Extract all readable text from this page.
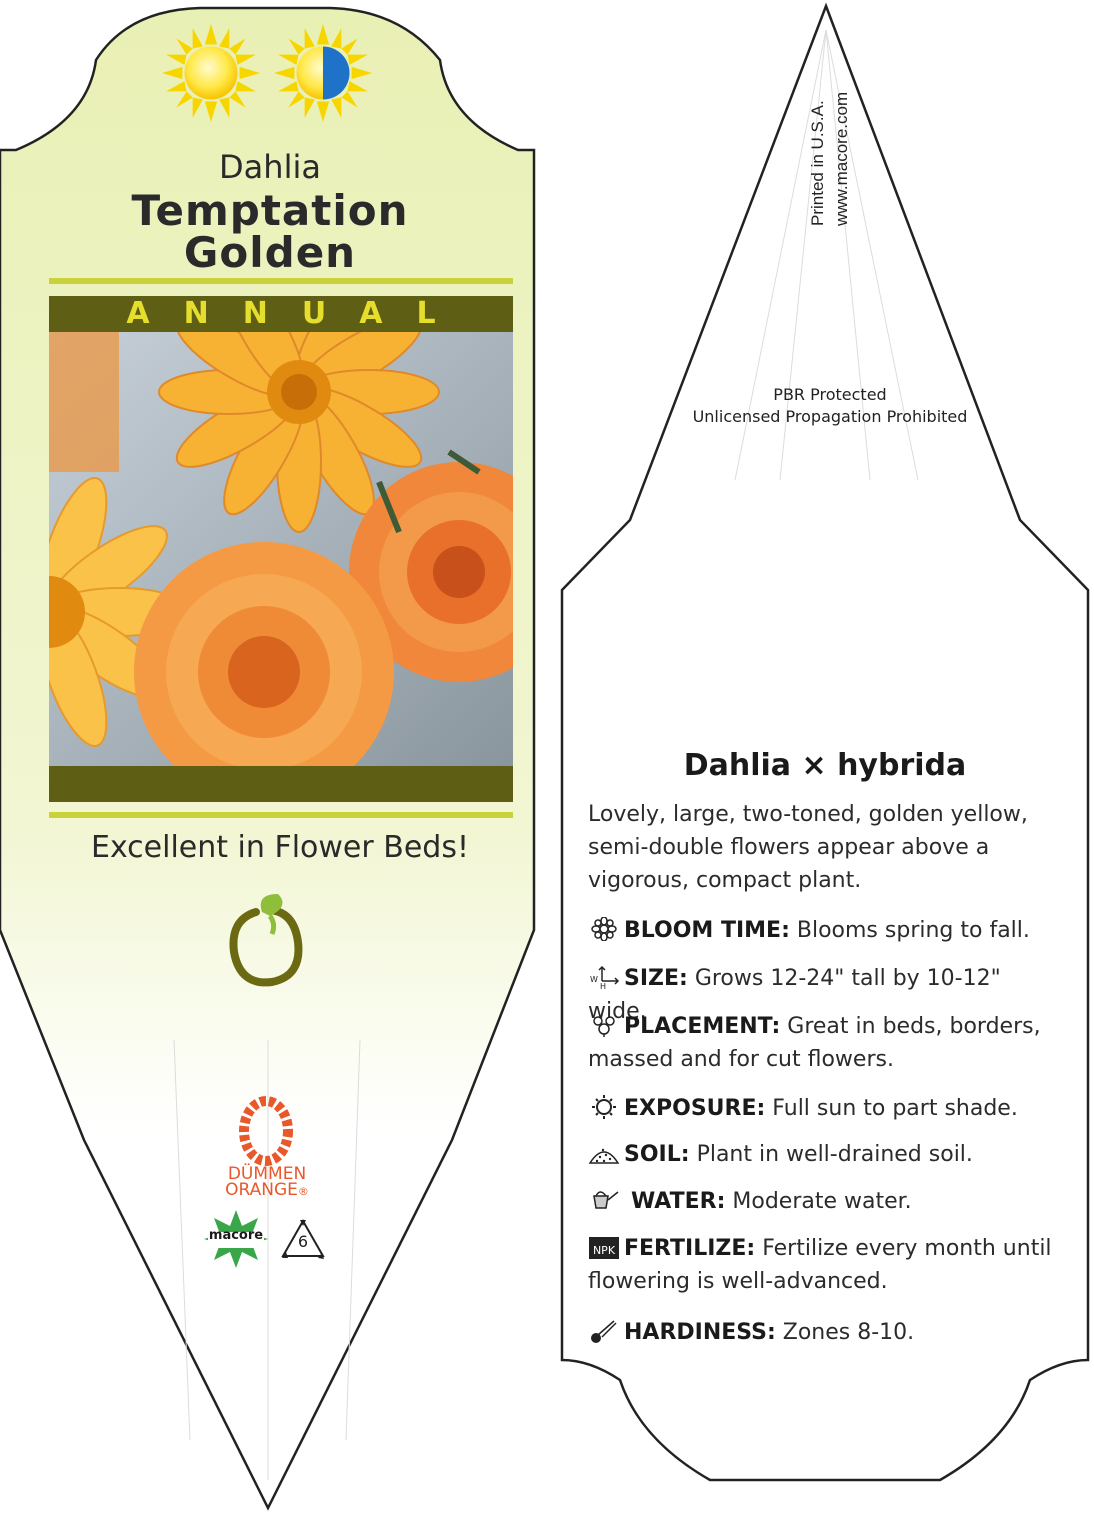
Dahlia
Temptation
Golden
ANNUAL
Excellent in Flower Beds!
DÜMMEN
ORANGE®
macore	6
Printed in U.S.A. www.macore.com
PBR Protected
Unlicensed Propagation Prohibited
Dahlia × hybrida
Lovely, large, two-toned, golden yellow, semi-double flowers appear above a vigorous, compact plant.
BLOOM TIME: Blooms spring to fall.
W
H SIZE: Grows 12-24" tall by 10-12" wide.
PLACEMENT: Great in beds, borders, massed and for cut flowers.
EXPOSURE: Full sun to part shade.
SOIL: Plant in well-drained soil.
WATER: Moderate water.
NPK FERTILIZE: Fertilize every month until flowering is well-advanced.
HARDINESS: Zones 8-10.
